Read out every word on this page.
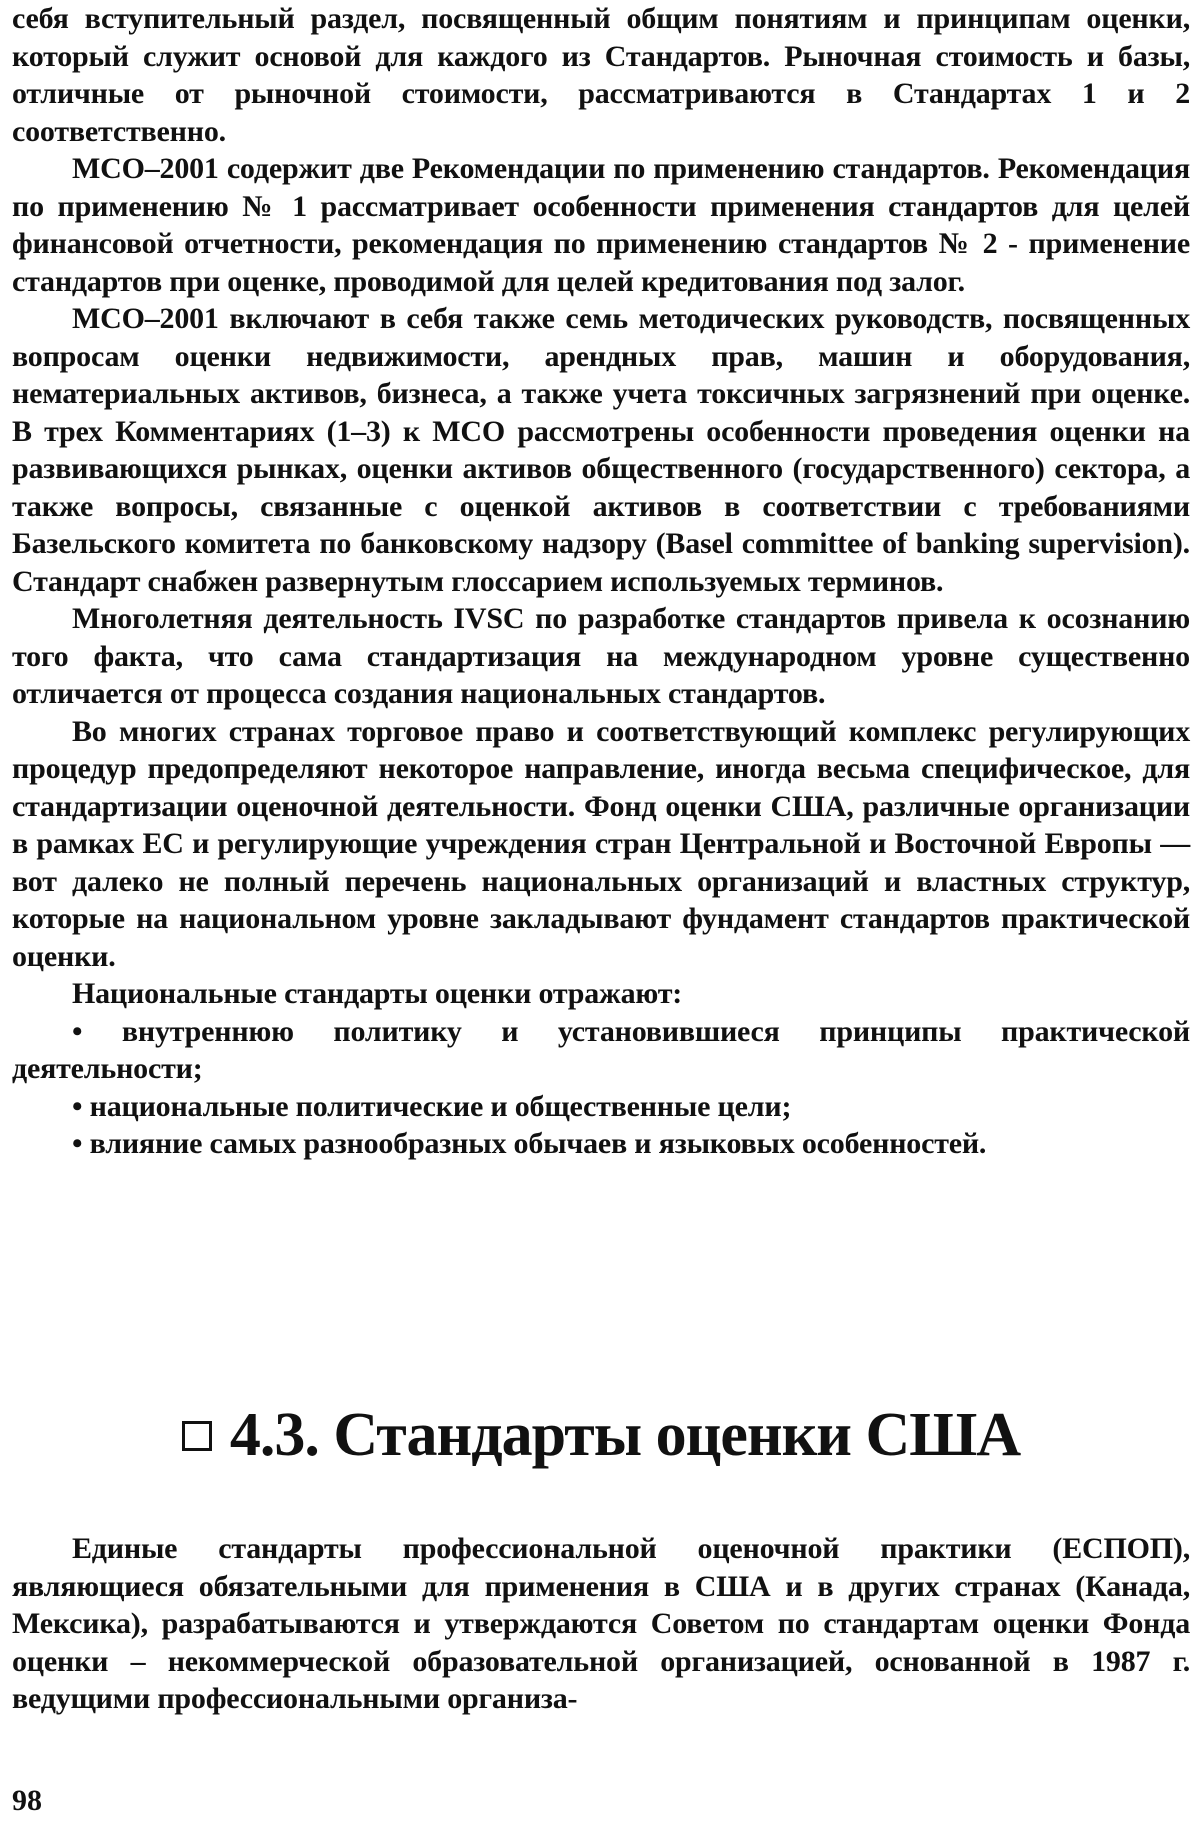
себя вступительный раздел, посвященный общим понятиям и принципам оценки, который служит основой для каждого из Стандартов. Рыночная стоимость и базы, отличные от рыночной стоимости, рассматриваются в Стандартах 1 и 2 соответственно.

МСО–2001 содержит две Рекомендации по применению стандартов. Рекомендация по применению № 1 рассматривает особенности применения стандартов для целей финансовой отчетности, рекомендация по применению стандартов № 2 - применение стандартов при оценке, проводимой для целей кредитования под залог.

МСО–2001 включают в себя также семь методических руководств, посвященных вопросам оценки недвижимости, арендных прав, машин и оборудования, нематериальных активов, бизнеса, а также учета токсичных загрязнений при оценке. В трех Комментариях (1–3) к МСО рассмотрены особенности проведения оценки на развивающихся рынках, оценки активов общественного (государственного) сектора, а также вопросы, связанные с оценкой активов в соответствии с требованиями Базельского комитета по банковскому надзору (Basel committee of banking supervision). Стандарт снабжен развернутым глоссарием используемых терминов.

Многолетняя деятельность IVSC по разработке стандартов привела к осознанию того факта, что сама стандартизация на международном уровне существенно отличается от процесса создания национальных стандартов.

Во многих странах торговое право и соответствующий комплекс регулирующих процедур предопределяют некоторое направление, иногда весьма специфическое, для стандартизации оценочной деятельности. Фонд оценки США, различные организации в рамках ЕС и регулирующие учреждения стран Центральной и Восточной Европы — вот далеко не полный перечень национальных организаций и властных структур, которые на национальном уровне закладывают фундамент стандартов практической оценки.

Национальные стандарты оценки отражают:

• внутреннюю политику и установившиеся принципы практической деятельности;

• национальные политические и общественные цели;

• влияние самых разнообразных обычаев и языковых особенностей.

4.3. Стандарты оценки США

Единые стандарты профессиональной оценочной практики (ЕСПОП), являющиеся обязательными для применения в США и в других странах (Канада, Мексика), разрабатываются и утверждаются Советом по стандартам оценки Фонда оценки – некоммерческой образовательной организацией, основанной в 1987 г. ведущими профессиональными организа-

98
